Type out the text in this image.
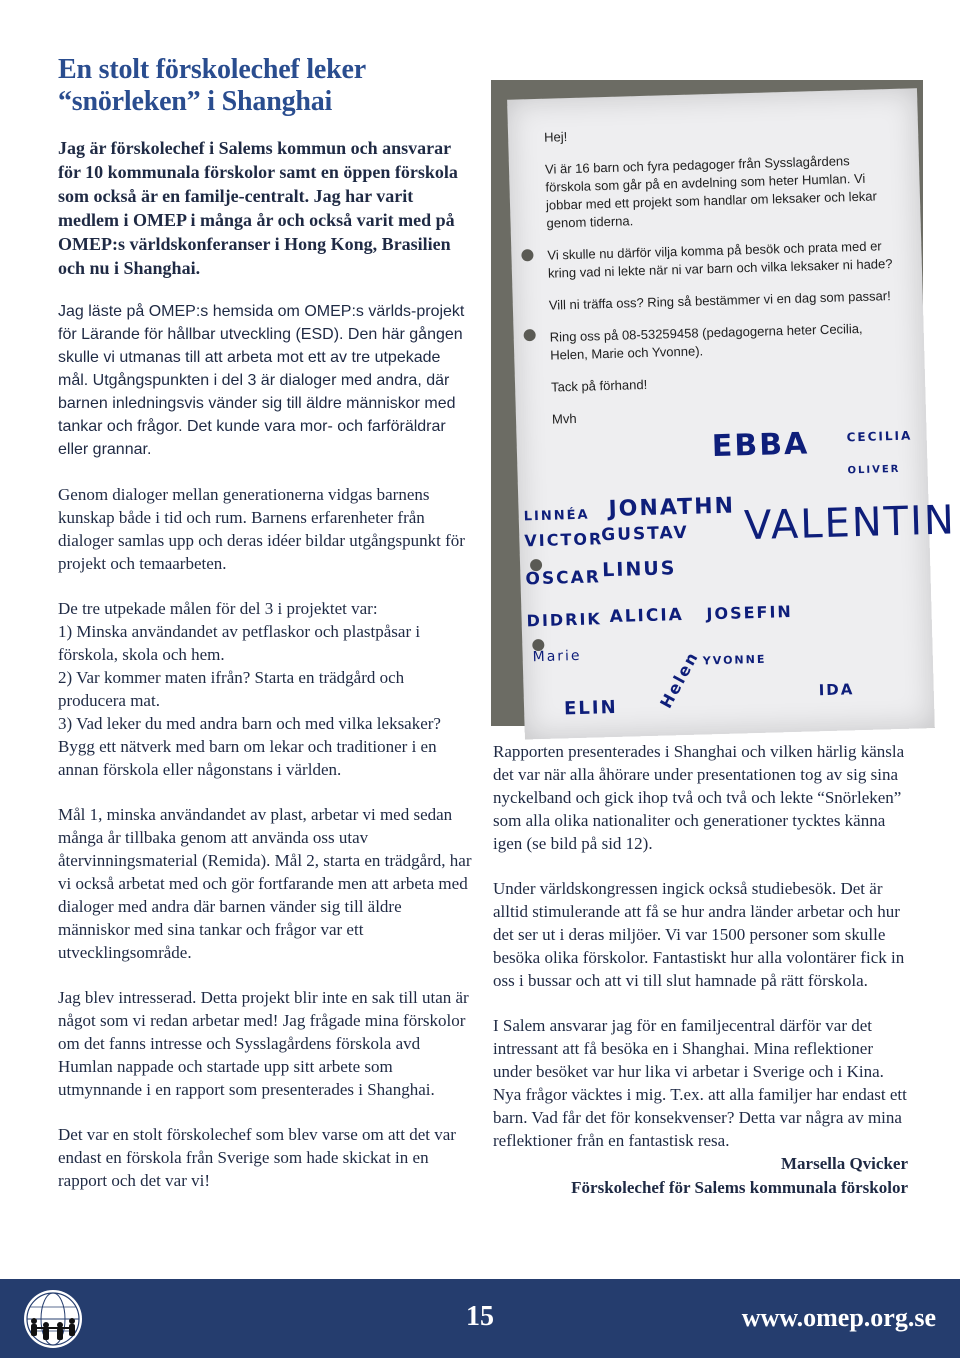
En stolt förskolechef leker
“snörleken” i Shanghai

Jag är förskolechef i Salems kommun och ansvarar för 10 kommunala förskolor samt en öppen förskola som också är en familje-centralt. Jag har varit medlem i OMEP i många år och också varit med på OMEP:s världskonferanser i Hong Kong, Brasilien och nu i Shanghai.

Jag läste på OMEP:s hemsida om OMEP:s världs-projekt för Lärande för hållbar utveckling (ESD). Den här gången skulle vi utmanas till att arbeta mot ett av tre utpekade mål. Utgångspunkten i del 3 är dialoger med andra, där barnen inledningsvis vänder sig till äldre människor med tankar och frågor. Det kunde vara mor- och farföräldrar eller grannar.

Genom dialoger mellan generationerna vidgas barnens kunskap både i tid och rum. Barnens erfarenheter från dialoger samlas upp och deras idéer bildar utgångspunkt för projekt och temaarbeten.

De tre utpekade målen för del 3 i projektet var:

1) Minska användandet av petflaskor och plastpåsar i förskola, skola och hem.

2) Var kommer maten ifrån? Starta en trädgård och producera mat.

3) Vad leker du med andra barn och med vilka leksaker? Bygg ett nätverk med barn om lekar och traditioner i en annan förskola eller någonstans i världen.

Mål 1, minska användandet av plast, arbetar vi med sedan många år tillbaka genom att använda oss utav återvinningsmaterial (Remida). Mål 2, starta en trädgård, har vi också arbetat med och gör fortfarande men att arbeta med dialoger med andra där barnen vänder sig till äldre människor med sina tankar och frågor var ett utvecklingsområde.

Jag blev intresserad. Detta projekt blir inte en sak till utan är något som vi redan arbetar med! Jag frågade mina förskolor om det fanns intresse och Sysslagårdens förskola avd Humlan nappade och startade upp sitt arbete som utmynnande i en rapport som presenterades i Shanghai.

Det var en stolt förskolechef som blev varse om att det var endast en förskola från Sverige som hade skickat in en rapport och det var vi!

Hej!

Vi är 16 barn och fyra pedagoger från Sysslagårdens förskola som går på en avdelning som heter Humlan. Vi jobbar med ett projekt som handlar om leksaker och lekar genom tiderna.

Vi skulle nu därför vilja komma på besök och prata med er kring vad ni lekte när ni var barn och vilka leksaker ni hade?

Vill ni träffa oss? Ring så bestämmer vi en dag som passar!

Ring oss på 08-53259458 (pedagogerna heter Cecilia, Helen, Marie och Yvonne).

Tack på förhand!

Mvh

EBBA	CECILIA
JONATHN VALENTIN
OLIVER
LINNÉA
VICTOR
GUSTAV
OSCAR LINUS
DIDRIK ALICIA JOSEFIN
Marie	Helen YVONNE
ELIN
IDA

Rapporten presenterades i Shanghai och vilken härlig känsla det var när alla åhörare under presentationen tog av sig sina nyckelband och gick ihop två och två och lekte “Snörleken” som alla olika nationaliter och generationer tycktes känna igen (se bild på sid 12).

Under världskongressen ingick också studiebesök. Det är alltid stimulerande att få se hur andra länder arbetar och hur det ser ut i deras miljöer. Vi var 1500 personer som skulle besöka olika förskolor. Fantastiskt hur alla volontärer fick in oss i bussar och att vi till slut hamnade på rätt förskola.

I Salem ansvarar jag för en familjecentral därför var det intressant att få besöka en i Shanghai. Mina reflektioner under besöket var hur lika vi arbetar i Sverige och i Kina. Nya frågor väcktes i mig. T.ex. att alla familjer har endast ett barn. Vad får det för konsekvenser? Detta var några av mina reflektioner från en fantastisk resa.

Marsella Qvicker

Förskolechef för Salems kommunala förskolor

15	www.omep.org.se
